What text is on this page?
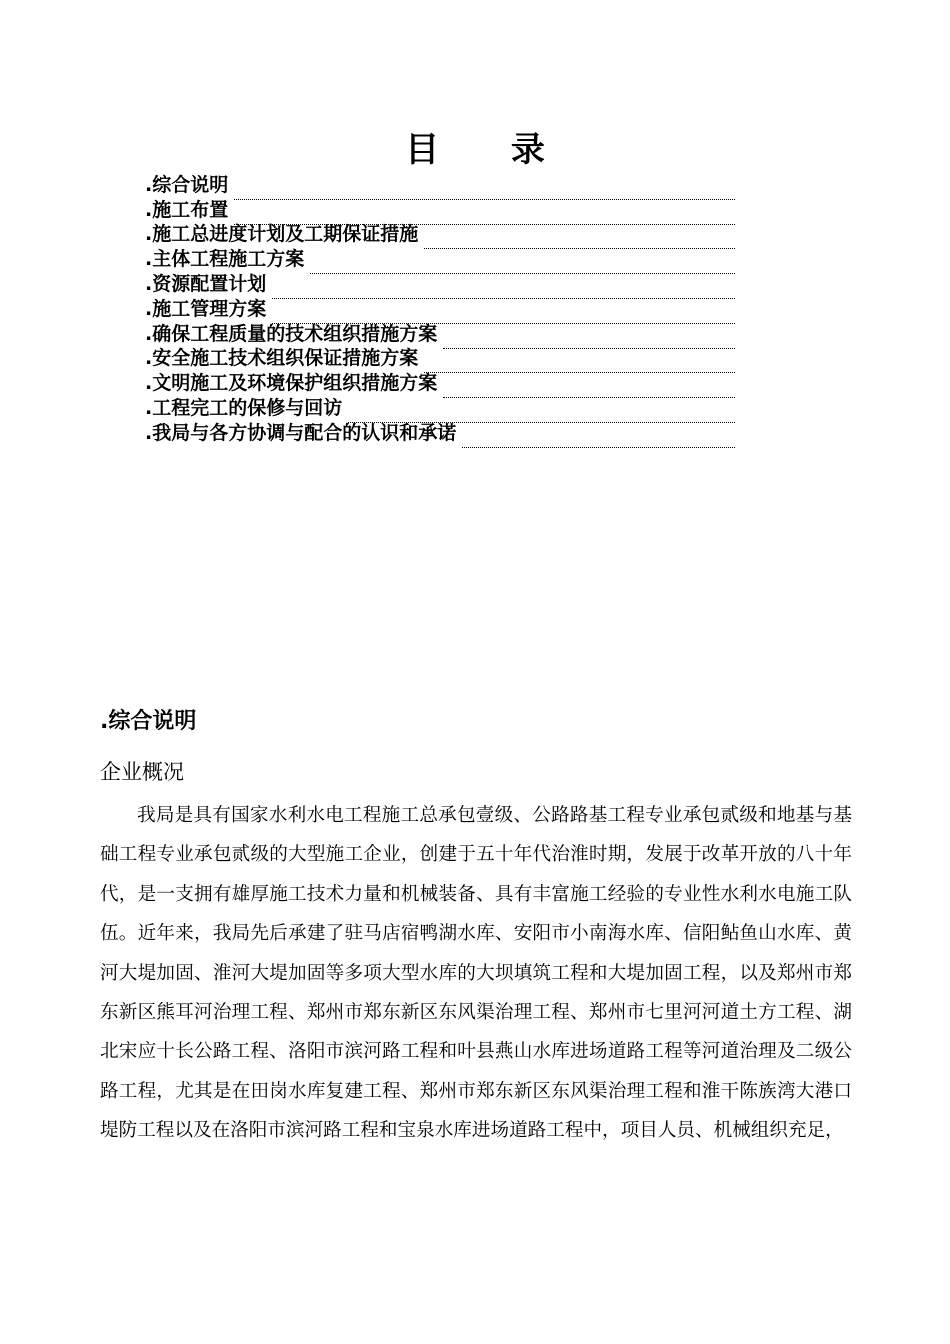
目 录
.综合说明
.施工布置
.施工总进度计划及工期保证措施
.主体工程施工方案
.资源配置计划
.施工管理方案
.确保工程质量的技术组织措施方案
.安全施工技术组织保证措施方案
.文明施工及环境保护组织措施方案
.工程完工的保修与回访
.我局与各方协调与配合的认识和承诺
.综合说明
企业概况

我局是具有国家水利水电工程施工总承包壹级、公路路基工程专业承包贰级和地基与基础工程专业承包贰级的大型施工企业，创建于五十年代治淮时期，发展于改革开放的八十年代，是一支拥有雄厚施工技术力量和机械装备、具有丰富施工经验的专业性水利水电施工队伍。近年来，我局先后承建了驻马店宿鸭湖水库、安阳市小南海水库、信阳鲇鱼山水库、黄河大堤加固、淮河大堤加固等多项大型水库的大坝填筑工程和大堤加固工程，以及郑州市郑东新区熊耳河治理工程、郑州市郑东新区东风渠治理工程、郑州市七里河河道土方工程、湖北宋应十长公路工程、洛阳市滨河路工程和叶县燕山水库进场道路工程等河道治理及二级公路工程，尤其是在田岗水库复建工程、郑州市郑东新区东风渠治理工程和淮干陈族湾大港口堤防工程以及在洛阳市滨河路工程和宝泉水库进场道路工程中，项目人员、机械组织充足，
